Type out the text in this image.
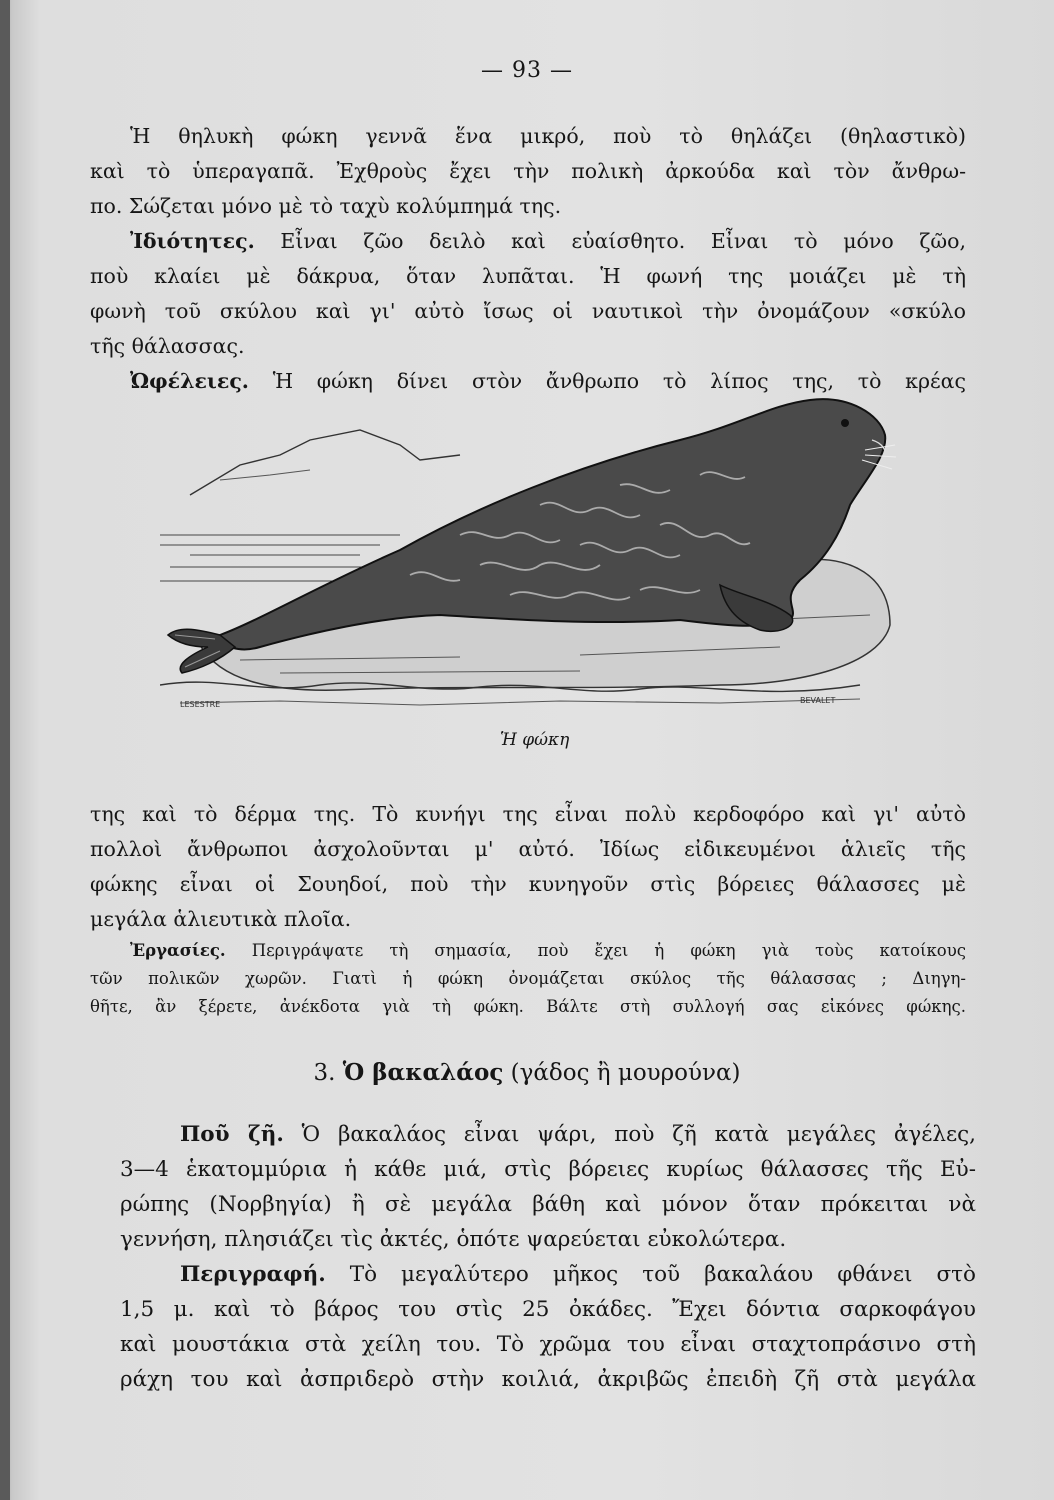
— 93 —
Ἡ θηλυκὴ φώκη γεννᾶ ἕνα μικρό, ποὺ τὸ θηλάζει (θηλαστικὸ)
καὶ τὸ ὑπεραγαπᾶ. Ἐχθροὺς ἔχει τὴν πολικὴ ἀρκούδα καὶ τὸν ἄνθρω-
πο. Σώζεται μόνο μὲ τὸ ταχὺ κολύμπημά της.
Ἰδιότητες. Εἶναι ζῶο δειλὸ καὶ εὐαίσθητο. Εἶναι τὸ μόνο ζῶο,
ποὺ κλαίει μὲ δάκρυα, ὅταν λυπᾶται. Ἡ φωνή της μοιάζει μὲ τὴ
φωνὴ τοῦ σκύλου καὶ γι' αὐτὸ ἴσως οἱ ναυτικοὶ τὴν ὀνομάζουν «σκύλο
τῆς θάλασσας.
Ὠφέλειες. Ἡ φώκη δίνει στὸν ἄνθρωπο τὸ λίπος της, τὸ κρέας
LESESTRE	BEVALET
Ἡ φώκη
της καὶ τὸ δέρμα της. Τὸ κυνήγι της εἶναι πολὺ κερδοφόρο καὶ γι' αὐτὸ
πολλοὶ ἄνθρωποι ἀσχολοῦνται μ' αὐτό. Ἰδίως εἰδικευμένοι ἁλιεῖς τῆς
φώκης εἶναι οἱ Σουηδοί, ποὺ τὴν κυνηγοῦν στὶς βόρειες θάλασσες μὲ
μεγάλα ἁλιευτικὰ πλοῖα.
Ἐργασίες. Περιγράψατε τὴ σημασία, ποὺ ἔχει ἡ φώκη γιὰ τοὺς κατοίκους
τῶν πολικῶν χωρῶν. Γιατὶ ἡ φώκη ὀνομάζεται σκύλος τῆς θάλασσας ; Διηγη-
θῆτε, ἂν ξέρετε, ἀνέκδοτα γιὰ τὴ φώκη. Βάλτε στὴ συλλογή σας εἰκόνες φώκης.
3. Ὁ βακαλάος (γάδος ἢ μουρούνα)
Ποῦ ζῆ. Ὁ βακαλάος εἶναι ψάρι, ποὺ ζῆ κατὰ μεγάλες ἀγέλες,
3—4 ἑκατομμύρια ἡ κάθε μιά, στὶς βόρειες κυρίως θάλασσες τῆς Εὐ-
ρώπης (Νορβηγία) ἢ σὲ μεγάλα βάθη καὶ μόνον ὅταν πρόκειται νὰ
γεννήση, πλησιάζει τὶς ἀκτές, ὁπότε ψαρεύεται εὐκολώτερα.
Περιγραφή. Τὸ μεγαλύτερο μῆκος τοῦ βακαλάου φθάνει στὸ
1,5 μ. καὶ τὸ βάρος του στὶς 25 ὀκάδες. Ἔχει δόντια σαρκοφάγου
καὶ μουστάκια στὰ χείλη του. Τὸ χρῶμα του εἶναι σταχτοπράσινο στὴ
ράχη του καὶ ἀσπριδερὸ στὴν κοιλιά, ἀκριβῶς ἐπειδὴ ζῆ στὰ μεγάλα
